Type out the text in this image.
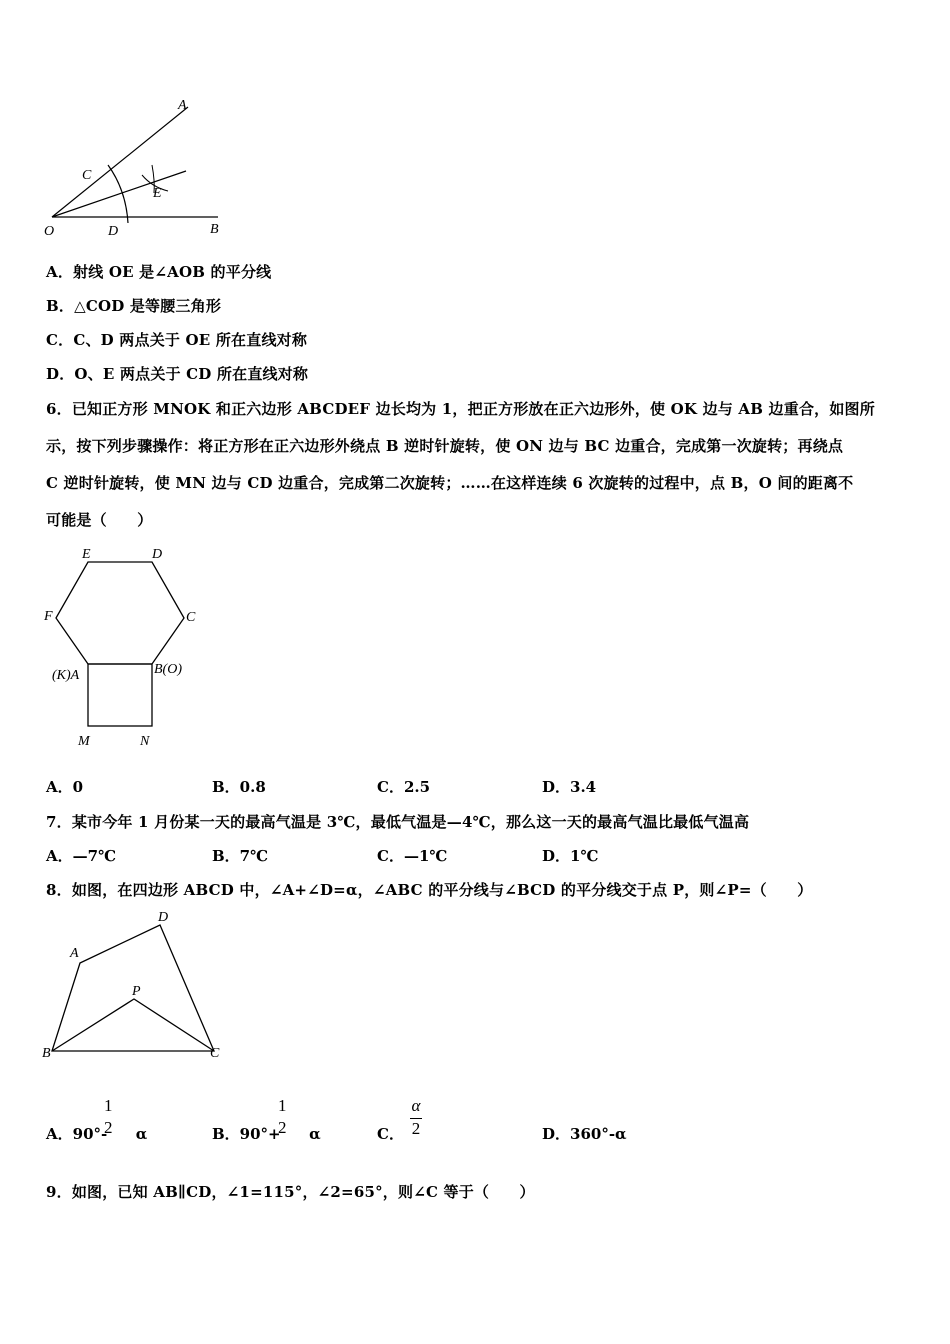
A
C
E
O	D	B
A．射线 OE 是∠AOB 的平分线
B．△COD 是等腰三角形
C．C、D 两点关于 OE 所在直线对称
D．O、E 两点关于 CD 所在直线对称
6．已知正方形 MNOK 和正六边形 ABCDEF 边长均为 1，把正方形放在正六边形外，使 OK 边与 AB 边重合，如图所
示，按下列步骤操作：将正方形在正六边形外绕点 B 逆时针旋转，使 ON 边与 BC 边重合，完成第一次旋转；再绕点
C 逆时针旋转，使 MN 边与 CD 边重合，完成第二次旋转；……在这样连续 6 次旋转的过程中，点 B，O 间的距离不
可能是（　　）
E	D
F	C
(K)A	B(O)
M	N
A．0	B．0.8	C．2.5	D．3.4
7．某市今年 1 月份某一天的最高气温是 3℃，最低气温是—4℃，那么这一天的最高气温比最低气温高
A．—7℃	B．7℃	C．—1℃	D．1℃
8．如图，在四边形 ABCD 中，∠A+∠D=α，∠ABC 的平分线与∠BCD 的平分线交于点 P，则∠P=（　　）
A
D
P
B	C
A．90°- α
1
2	B．90°+ α
1
2	C．
α
2	D．360°-α
9．如图，已知 AB∥CD，∠1=115°，∠2=65°，则∠C 等于（　　）
